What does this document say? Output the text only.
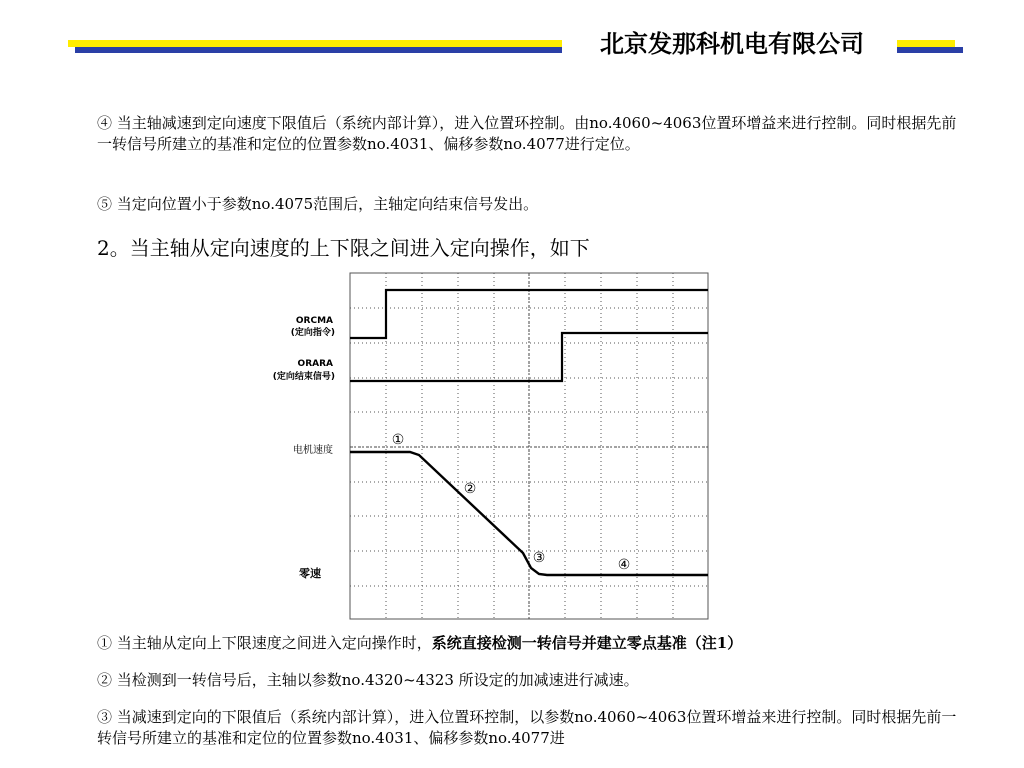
北京发那科机电有限公司

④ 当主轴减速到定向速度下限值后（系统内部计算），进入位置环控制。由no.4060~4063位置环增益来进行控制。同时根据先前一转信号所建立的基准和定位的位置参数no.4031、偏移参数no.4077进行定位。

⑤ 当定向位置小于参数no.4075范围后，主轴定向结束信号发出。

2。当主轴从定向速度的上下限之间进入定向操作，如下

ORCMA
(定向指令)
ORARA
(定向结束信号)
电机速度
零速
①
②
③	④

① 当主轴从定向上下限速度之间进入定向操作时，系统直接检测一转信号并建立零点基准（注1）

② 当检测到一转信号后，主轴以参数no.4320~4323 所设定的加减速进行减速。

③ 当减速到定向的下限值后（系统内部计算），进入位置环控制，以参数no.4060~4063位置环增益来进行控制。同时根据先前一转信号所建立的基准和定位的位置参数no.4031、偏移参数no.4077进
